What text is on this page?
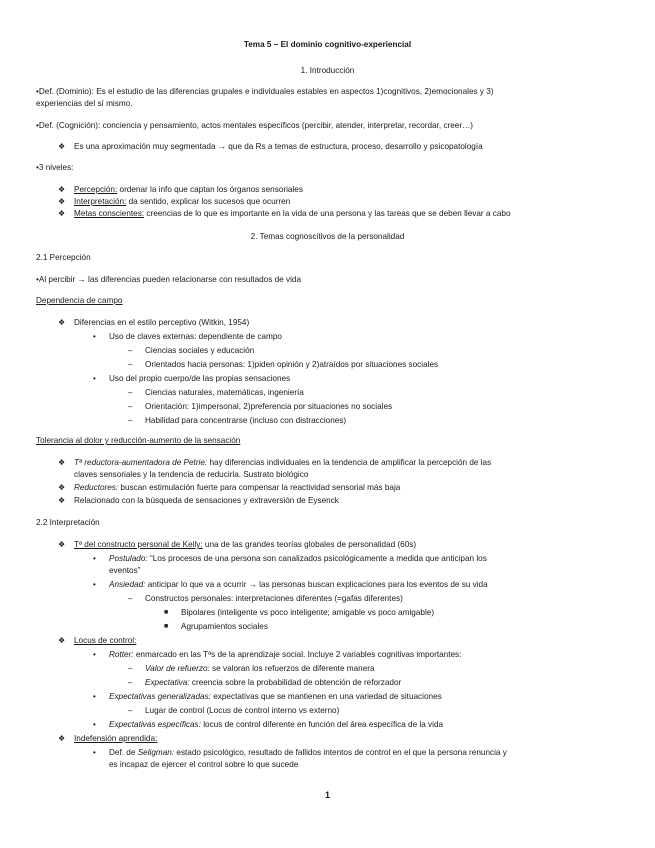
Tema 5 – El dominio cognitivo-experiencial
1. Introducción
•Def. (Dominio): Es el estudio de las diferencias grupales e individuales estables en aspectos 1)cognitivos, 2)emocionales y 3)
experiencias del sí mismo.
•Def. (Cognición): conciencia y pensamiento, actos mentales específicos (percibir, atender, interpretar, recordar, creer…)
❖ Es una aproximación muy segmentada → que da Rs a temas de estructura, proceso, desarrollo y psicopatología
•3 niveles:
❖ Percepción: ordenar la info que captan los órganos sensoriales
❖ Interpretación: da sentido, explicar los sucesos que ocurren
❖ Metas conscientes: creencias de lo que es importante en la vida de una persona y las tareas que se deben llevar a cabo
2. Temas cognoscitivos de la personalidad
2.1 Percepción
•Al percibir → las diferencias pueden relacionarse con resultados de vida
Dependencia de campo
❖ Diferencias en el estilo perceptivo (Witkin, 1954)
• Uso de claves externas: dependiente de campo
– Ciencias sociales y educación
– Orientados hacia personas: 1)piden opinión y 2)atraídos por situaciones sociales
• Uso del propio cuerpo/de las propias sensaciones
– Ciencias naturales, matemáticas, ingeniería
– Orientación: 1)impersonal, 2)preferencia por situaciones no sociales
– Habilidad para concentrarse (incluso con distracciones)
Tolerancia al dolor y reducción-aumento de la sensación
❖ Tª reductora-aumentadora de Petrie: hay diferencias individuales en la tendencia de amplificar la percepción de las
claves sensoriales y la tendencia de reducirla. Sustrato biológico
❖ Reductores: buscan estimulación fuerte para compensar la reactividad sensorial más baja
❖ Relacionado con la búsqueda de sensaciones y extraversión de Eysenck
2.2 Interpretación
❖ Tª del constructo personal de Kelly: una de las grandes teorías globales de personalidad (60s)
• Postulado: “Los procesos de una persona son canalizados psicológicamente a medida que anticipan los
eventos”
• Ansiedad: anticipar lo que va a ocurrir → las personas buscan explicaciones para los eventos de su vida
– Constructos personales: interpretaciones diferentes (=gafas diferentes)
■ Bipolares (inteligente vs poco inteligente; amigable vs poco amigable)
■ Agrupamientos sociales
❖ Locus de control:
• Rotter: enmarcado en las Tªs de la aprendizaje social. Incluye 2 variables cognitivas importantes:
– Valor de refuerzo: se valoran los refuerzos de diferente manera
– Expectativa: creencia sobre la probabilidad de obtención de reforzador
• Expectativas generalizadas: expectativas que se mantienen en una variedad de situaciones
– Lugar de control (Locus de control interno vs externo)
• Expectativas específicas: locus de control diferente en función del área específica de la vida
❖ Indefensión aprendida:
• Def. de Seligman: estado psicológico, resultado de fallidos intentos de control en el que la persona renuncia y
es incapaz de ejercer el control sobre lo que sucede
1
